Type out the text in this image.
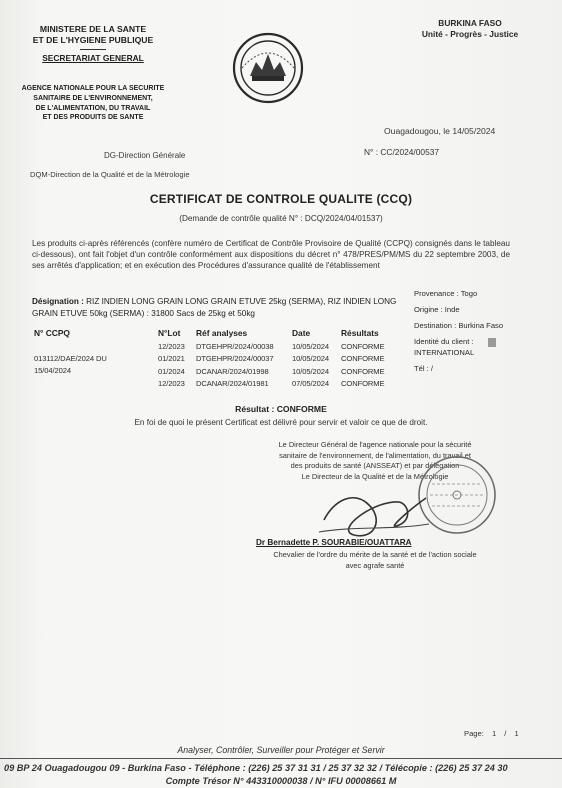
MINISTERE DE LA SANTE
ET DE L'HYGIENE PUBLIQUE
SECRETARIAT GENERAL
AGENCE NATIONALE POUR LA SECURITE
SANITAIRE DE L'ENVIRONNEMENT,
DE L'ALIMENTATION, DU TRAVAIL
ET DES PRODUITS DE SANTE
BURKINA FASO
Unité - Progrès - Justice
Ouagadougou, le 14/05/2024
DG-Direction Générale	N° : CC/2024/00537
DQM-Direction de la Qualité et de la Métrologie
CERTIFICAT DE CONTROLE QUALITE (CCQ)
(Demande de contrôle qualité N° : DCQ/2024/04/01537)
Les produits ci-après référencés (confère numéro de Certificat de Contrôle Provisoire de Qualité (CCPQ) consignés dans le tableau ci-dessous), ont fait l'objet d'un contrôle conformément aux dispositions du décret n° 478/PRES/PM/MS du 22 septembre 2003, de ses arrêtés d'application; et en exécution des Procédures d'assurance qualité de l'établissement
Désignation : RIZ INDIEN LONG GRAIN LONG GRAIN ETUVE 25kg (SERMA), RIZ INDIEN LONG GRAIN ETUVE 50kg (SERMA) : 31800 Sacs de 25kg et 50kg
Provenance : Togo
Origine : Inde
Destination : Burkina Faso
Identité du client :
INTERNATIONAL
Tél : /
N° CCPQ	N°Lot Réf analyses	Date	Résultats
013112/DAE/2024 DU
15/04/2024
12/2023 DTGEHPR/2024/00038 10/05/2024 CONFORME
01/2021 DTGEHPR/2024/00037 10/05/2024 CONFORME
01/2024 DCANAR/2024/01998	10/05/2024 CONFORME
12/2023 DCANAR/2024/01981	07/05/2024 CONFORME
Résultat : CONFORME
En foi de quoi le présent Certificat est délivré pour servir et valoir ce que de droit.
Le Directeur Général de l'agence nationale pour la sécurité
sanitaire de l'environnement, de l'alimentation, du travail et
des produits de santé (ANSSEAT) et par délégation
Le Directeur de la Qualité et de la Métrologie
Dr Bernadette P. SOURABIE/OUATTARA
Chevalier de l'ordre du mérite de la santé et de l'action sociale
avec agrafe santé
Page: 1 / 1
Analyser, Contrôler, Surveiller pour Protéger et Servir
09 BP 24 Ouagadougou 09 - Burkina Faso - Téléphone : (226) 25 37 31 31 / 25 37 32 32 / Télécopie : (226) 25 37 24 30
Compte Trésor N° 443310000038 / N° IFU 00008661 M
